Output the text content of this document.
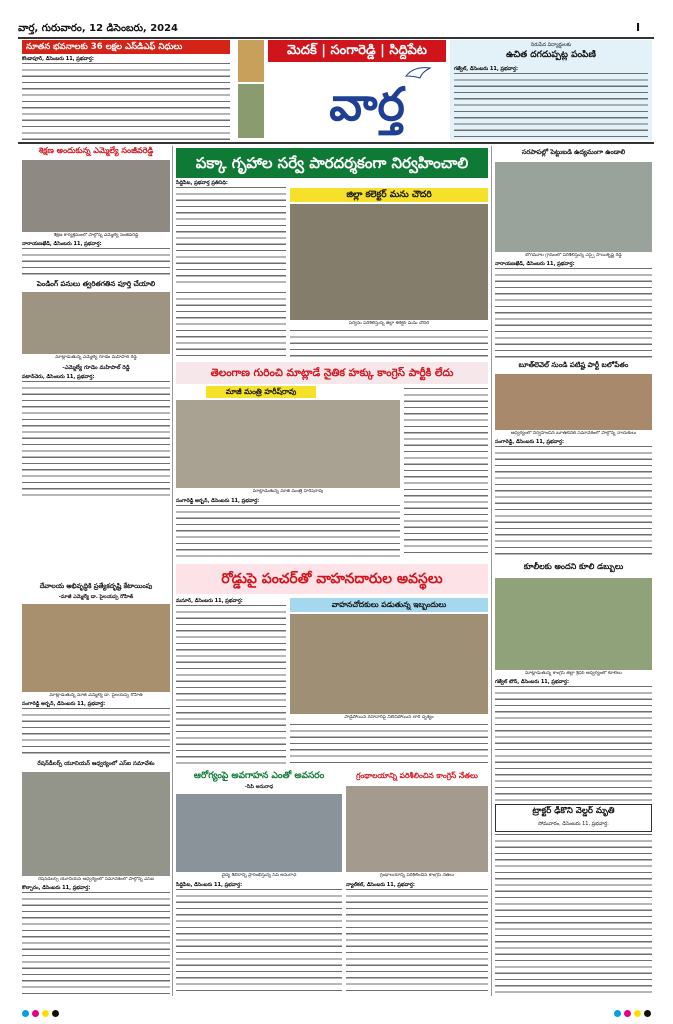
వార్త, గురువారం, 12 డిసెంబరు, 2024	I
నూతన భవనాలకు 36 లక్షల ఎస్‌డిఎఫ్ నిధులు
కొండాపూర్, డిసెంబరు 11, ప్రభవార్త:
మెదక్ | సంగారెడ్డి | సిద్దిపేట
వార్త
నిరుపేద విద్యార్థులకు
ఉచిత దగదుప్పట్ల పంపిణీ
గజ్వేల్, డిసెంబరు 11, ప్రభవార్త:
శిక్షణ అందుకున్న ఎమ్మెల్యే సంజీవరెడ్డి
శిక్షణ కార్యక్రమంలో పాల్గొన్న ఎమ్మెల్యే సంజీవరెడ్డి
నారాయణఖేడ్, డిసెంబరు 11, ప్రభవార్త:
పెండింగ్ పనులు త్వరితగతిన పూర్తి చేయాలి
మాట్లాడుతున్న ఎమ్మెల్యే గూడెం మహిపాల్ రెడ్డి
-ఎమ్మెల్యే గూడెం మహిపాల్ రెడ్డి
పటాన్‌చెరు, డిసెంబరు 11, ప్రభవార్త:
దేవాలయ అభివృద్ధికి ప్రత్యేకదృష్టి కేటాయింపు
-మాజీ ఎమ్మెల్యే డా. పైలయప్ప రోహిత్
మాట్లాడుతున్న మాజీ ఎమ్మెల్యే డా. పైలయప్ప రోహిత్
సంగారెడ్డి అర్బన్, డిసెంబరు 11, ప్రభవార్త:
రేషన్‌డీలర్స్ యూనియన్ ఆధ్వర్యంలో ఎస్ఐ సమావేశం
రేషన్‌డీలర్స్ యూనియన్ ఆధ్వర్యంలో సమావేశంలో పాల్గొన్న ఎస్ఐ
కొల్చారం, డిసెంబరు 11, ప్రభవార్త:
పక్కా గృహాల సర్వే పారదర్శకంగా నిర్వహించాలి
సిద్దిపేట, ప్రభవార్త ప్రతినిధి:
జిల్లా కలెక్టర్ మను చౌదరి
సర్వేను పరిశీలిస్తున్న జిల్లా కలెక్టర్ మను చౌదరి
తెలంగాణ గురించి మాట్లాడే నైతిక హక్కు కాంగ్రెస్ పార్టీకి లేదు
మాజీ మంత్రి హరీష్‌రావు
మాట్లాడుతున్న మాజీ మంత్రి హరీష్‌రావు
సంగారెడ్డి అర్బన్, డిసెంబరు 11, ప్రభవార్త:
రోడ్డుపై పంచర్‌తో వాహనదారుల అవస్థలు
మనూర్, డిసెంబరు 11, ప్రభవార్త:	వాహనచోదకులు పడుతున్న ఇబ్బందులు
పాడైపోయిన రహదారిపై నిలిచిపోయిన లారీ దృశ్యం
ఆరోగ్యంపై అవగాహన ఎంతో అవసరం
-సిపి అనురాధ
వైద్య శిబిరాన్ని ప్రారంభిస్తున్న సిపి అనురాధ
సిద్దిపేట, డిసెంబరు 11, ప్రభవార్త:
గ్రంథాలయాన్ని పరిశీలించిన కాంగ్రెస్ నేతలు
గ్రంథాలయాన్ని పరిశీలించిన కాంగ్రెస్ నేతలు
న్యాల్‌కల్, డిసెంబరు 11, ప్రభవార్త:
సరపాపల్లో పెట్టుబడి ఉద్యమంగా ఉండాలి
బోగమూల గ్రామంలో పరిశీలిస్తున్న ఎస్సై సాయికృష్ణ రెడ్డి
నారాయణఖేడ్, డిసెంబరు 11, ప్రభవార్త:
బూత్‌లెవెల్ నుండి పటిష్ట పార్టీ బలోపేతం
ఆధ్వర్యంలో నిర్వహించిన బూత్‌లెవెల్ సమావేశంలో పాల్గొన్న నాయకులు
సంగారెడ్డి, డిసెంబరు 11, ప్రభవార్త:
కూలీలకు అందని కూలి డబ్బులు
మాట్లాడుతున్న కాంగ్రెస్ జిల్లా శ్రీధర్ ఆధ్వర్యంలో కూలీలు
గజ్వేల్ టౌన్, డిసెంబరు 11, ప్రభవార్త:
ట్రాక్టర్ ఢీకొని వెల్డర్ మృతి
సోమవారం, డిసెంబరు 11, ప్రభవార్త:
